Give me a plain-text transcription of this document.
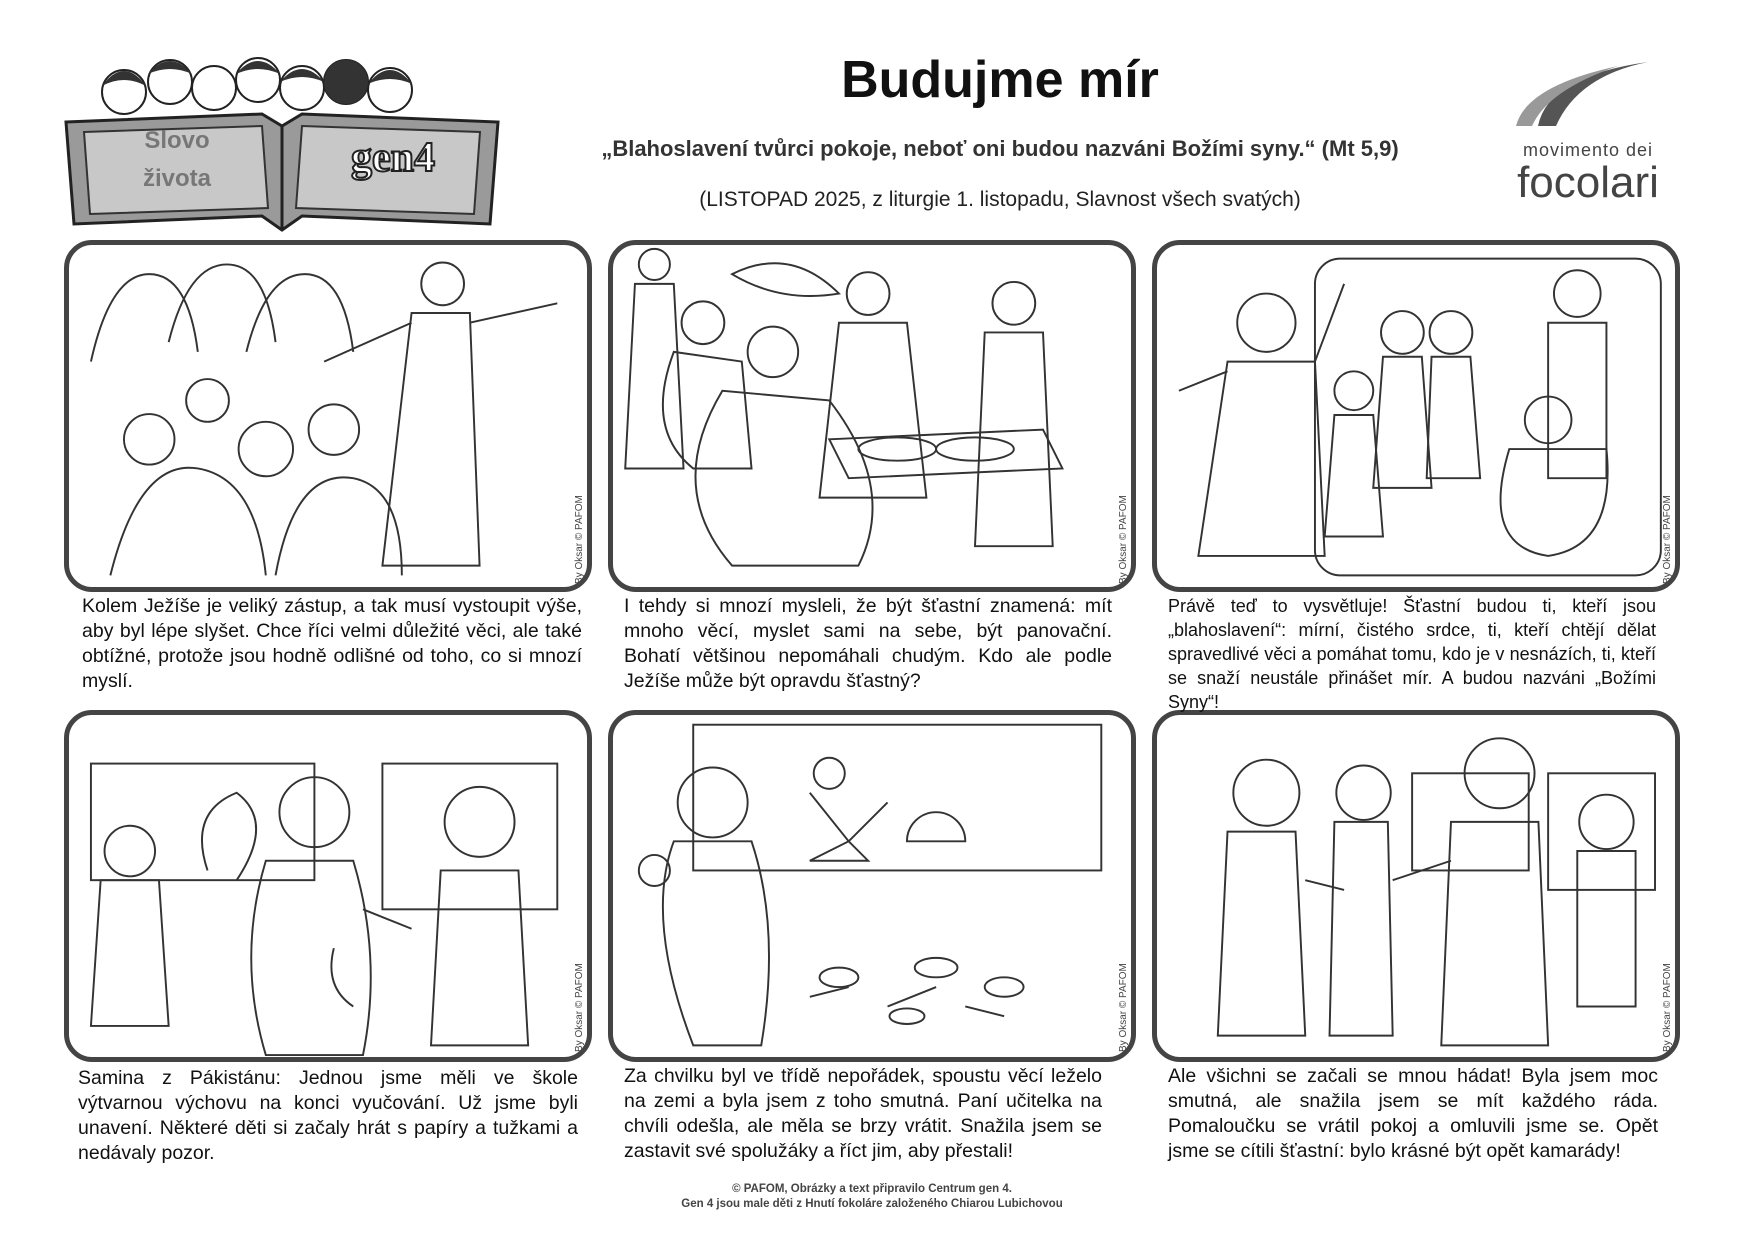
Slovo
života	gen4
Budujme mír
„Blahoslavení tvůrci pokoje, neboť oni budou nazváni Božími syny.“ (Mt 5,9)
(LISTOPAD 2025, z liturgie 1. listopadu, Slavnost všech svatých)
movimento dei
focolari
By Oksar © PAFOM	By Oksar © PAFOM	By Oksar © PAFOM
By Oksar © PAFOM	By Oksar © PAFOM	By Oksar © PAFOM
Kolem Ježíše je veliký zástup, a tak musí vystoupit výše, aby byl lépe slyšet. Chce říci velmi důležité věci, ale také obtížné, protože jsou hodně odlišné od toho, co si mnozí myslí.
I tehdy si mnozí mysleli, že být šťastní znamená: mít mnoho věcí, myslet sami na sebe, být panovační. Bohatí většinou nepomáhali chudým. Kdo ale podle Ježíše může být opravdu šťastný?
Právě teď to vysvětluje! Šťastní budou ti, kteří jsou „blahoslavení“: mírní, čistého srdce, ti, kteří chtějí dělat spravedlivé věci a pomáhat tomu, kdo je v nesnázích, ti, kteří se snaží neustále přinášet mír. A budou nazváni „Božími Syny“!
Samina z Pákistánu: Jednou jsme měli ve škole výtvarnou výchovu na konci vyučování. Už jsme byli unavení. Některé děti si začaly hrát s papíry a tužkami a nedávaly pozor.
Za chvilku byl ve třídě nepořádek, spoustu věcí leželo na zemi a byla jsem z toho smutná. Paní učitelka na chvíli odešla, ale měla se brzy vrátit. Snažila jsem se zastavit své spolužáky a říct jim, aby přestali!
Ale všichni se začali se mnou hádat! Byla jsem moc smutná, ale snažila jsem se mít každého ráda. Pomaloučku se vrátil pokoj a omluvili jsme se. Opět jsme se cítili šťastní: bylo krásné být opět kamarády!
© PAFOM, Obrázky a text připravilo Centrum gen 4.
Gen 4 jsou male děti z Hnutí fokoláre založeného Chiarou Lubichovou
